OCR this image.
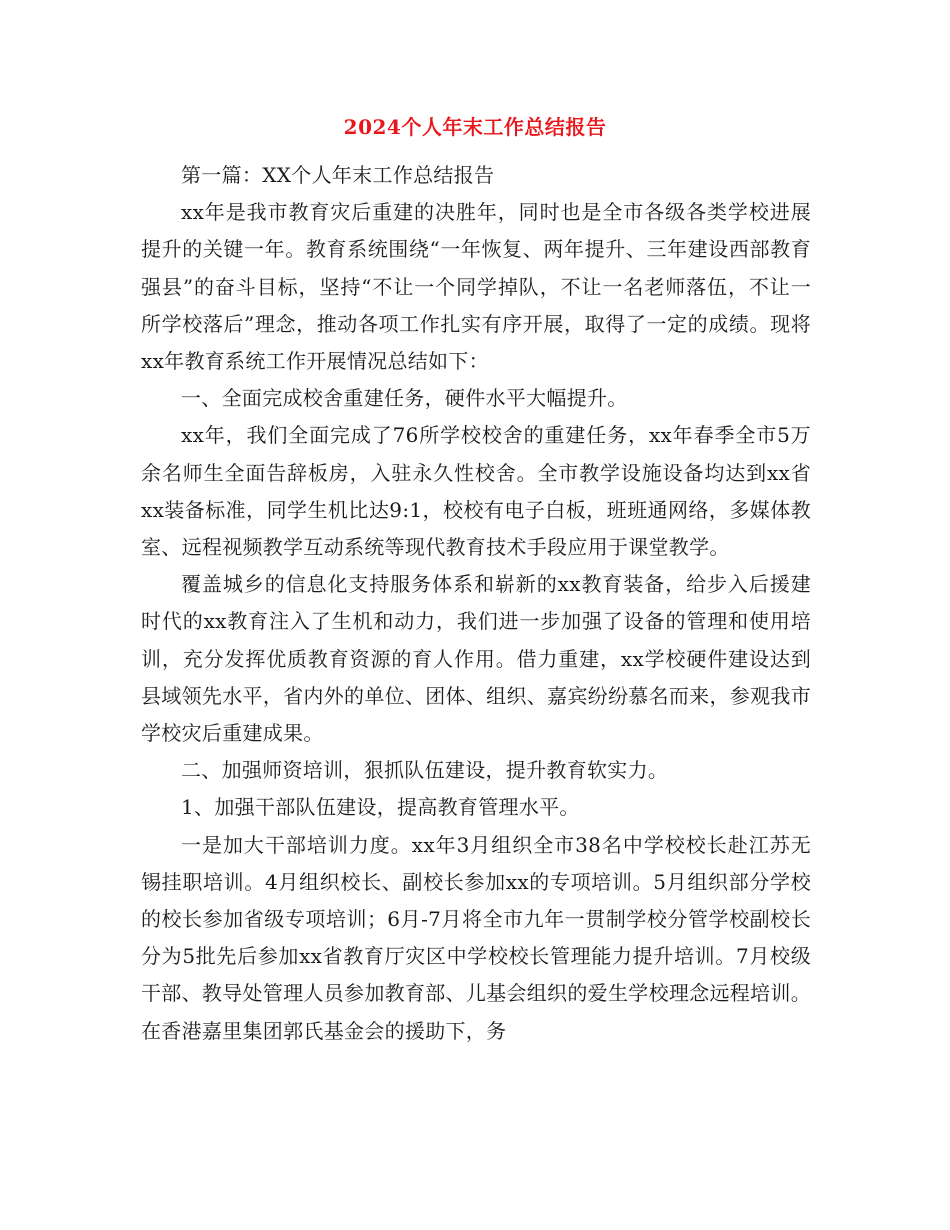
2024个人年末工作总结报告

第一篇：XX个人年末工作总结报告

xx年是我市教育灾后重建的决胜年，同时也是全市各级各类学校进展提升的关键一年。教育系统围绕“一年恢复、两年提升、三年建设西部教育强县”的奋斗目标，坚持“不让一个同学掉队，不让一名老师落伍，不让一所学校落后”理念，推动各项工作扎实有序开展，取得了一定的成绩。现将xx年教育系统工作开展情况总结如下：

一、全面完成校舍重建任务，硬件水平大幅提升。

xx年，我们全面完成了76所学校校舍的重建任务，xx年春季全市5万余名师生全面告辞板房，入驻永久性校舍。全市教学设施设备均达到xx省 xx装备标准，同学生机比达9:1，校校有电子白板，班班通网络，多媒体教室、远程视频教学互动系统等现代教育技术手段应用于课堂教学。

覆盖城乡的信息化支持服务体系和崭新的xx教育装备，给步入后援建时代的xx教育注入了生机和动力，我们进一步加强了设备的管理和使用培训，充分发挥优质教育资源的育人作用。借力重建，xx学校硬件建设达到县域领先水平，省内外的单位、团体、组织、嘉宾纷纷慕名而来，参观我市学校灾后重建成果。

二、加强师资培训，狠抓队伍建设，提升教育软实力。

1、加强干部队伍建设，提高教育管理水平。

一是加大干部培训力度。xx年3月组织全市38名中学校校长赴江苏无锡挂职培训。4月组织校长、副校长参加xx的专项培训。5月组织部分学校的校长参加省级专项培训；6月-7月将全市九年一贯制学校分管学校副校长分为5批先后参加xx省教育厅灾区中学校校长管理能力提升培训。7月校级干部、教导处管理人员参加教育部、儿基会组织的爱生学校理念远程培训。在香港嘉里集团郭氏基金会的援助下，务
